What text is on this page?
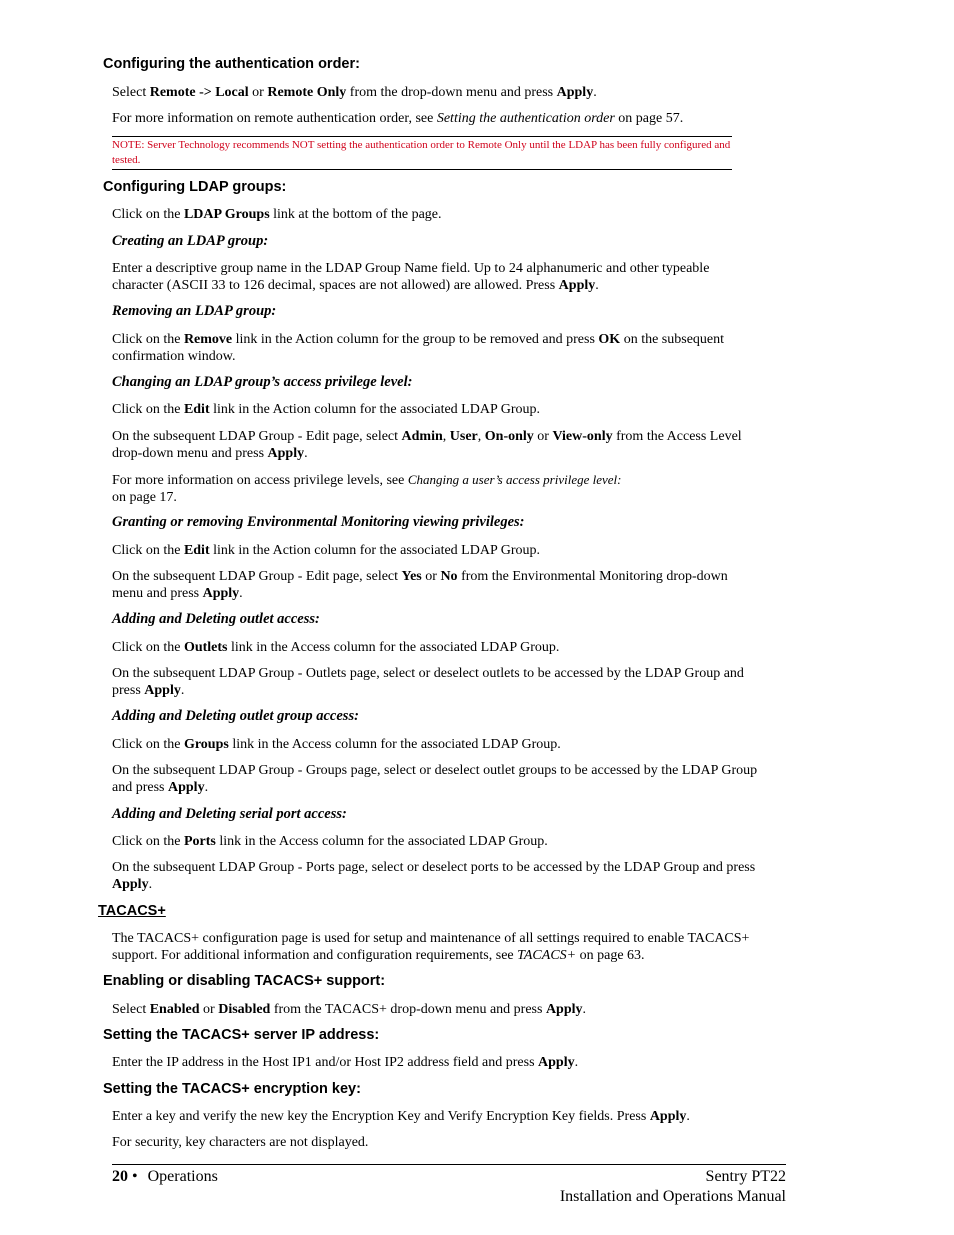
Configuring the authentication order:

Select Remote -> Local or Remote Only from the drop-down menu and press Apply.

For more information on remote authentication order, see Setting the authentication order on page 57.

NOTE: Server Technology recommends NOT setting the authentication order to Remote Only until the LDAP has been fully configured and tested.

Configuring LDAP groups:

Click on the LDAP Groups link at the bottom of the page.

Creating an LDAP group:

Enter a descriptive group name in the LDAP Group Name field. Up to 24 alphanumeric and other typeable character (ASCII 33 to 126 decimal, spaces are not allowed) are allowed. Press Apply.

Removing an LDAP group:

Click on the Remove link in the Action column for the group to be removed and press OK on the subsequent confirmation window.

Changing an LDAP group’s access privilege level:

Click on the Edit link in the Action column for the associated LDAP Group.

On the subsequent LDAP Group - Edit page, select Admin, User, On-only or View-only from the Access Level drop-down menu and press Apply.

For more information on access privilege levels, see Changing a user’s access privilege level:
on page 17.

Granting or removing Environmental Monitoring viewing privileges:

Click on the Edit link in the Action column for the associated LDAP Group.

On the subsequent LDAP Group - Edit page, select Yes or No from the Environmental Monitoring drop-down menu and press Apply.

Adding and Deleting outlet access:

Click on the Outlets link in the Access column for the associated LDAP Group.

On the subsequent LDAP Group - Outlets page, select or deselect outlets to be accessed by the LDAP Group and press Apply.

Adding and Deleting outlet group access:

Click on the Groups link in the Access column for the associated LDAP Group.

On the subsequent LDAP Group - Groups page, select or deselect outlet groups to be accessed by the LDAP Group and press Apply.

Adding and Deleting serial port access:

Click on the Ports link in the Access column for the associated LDAP Group.

On the subsequent LDAP Group - Ports page, select or deselect ports to be accessed by the LDAP Group and press Apply.

TACACS+

The TACACS+ configuration page is used for setup and maintenance of all settings required to enable TACACS+ support. For additional information and configuration requirements, see TACACS+ on page 63.

Enabling or disabling TACACS+ support:

Select Enabled or Disabled from the TACACS+ drop-down menu and press Apply.

Setting the TACACS+ server IP address:

Enter the IP address in the Host IP1 and/or Host IP2 address field and press Apply.

Setting the TACACS+ encryption key:

Enter a key and verify the new key the Encryption Key and Verify Encryption Key fields. Press Apply.

For security, key characters are not displayed.

20 • Operations	Sentry PT22
Installation and Operations Manual
